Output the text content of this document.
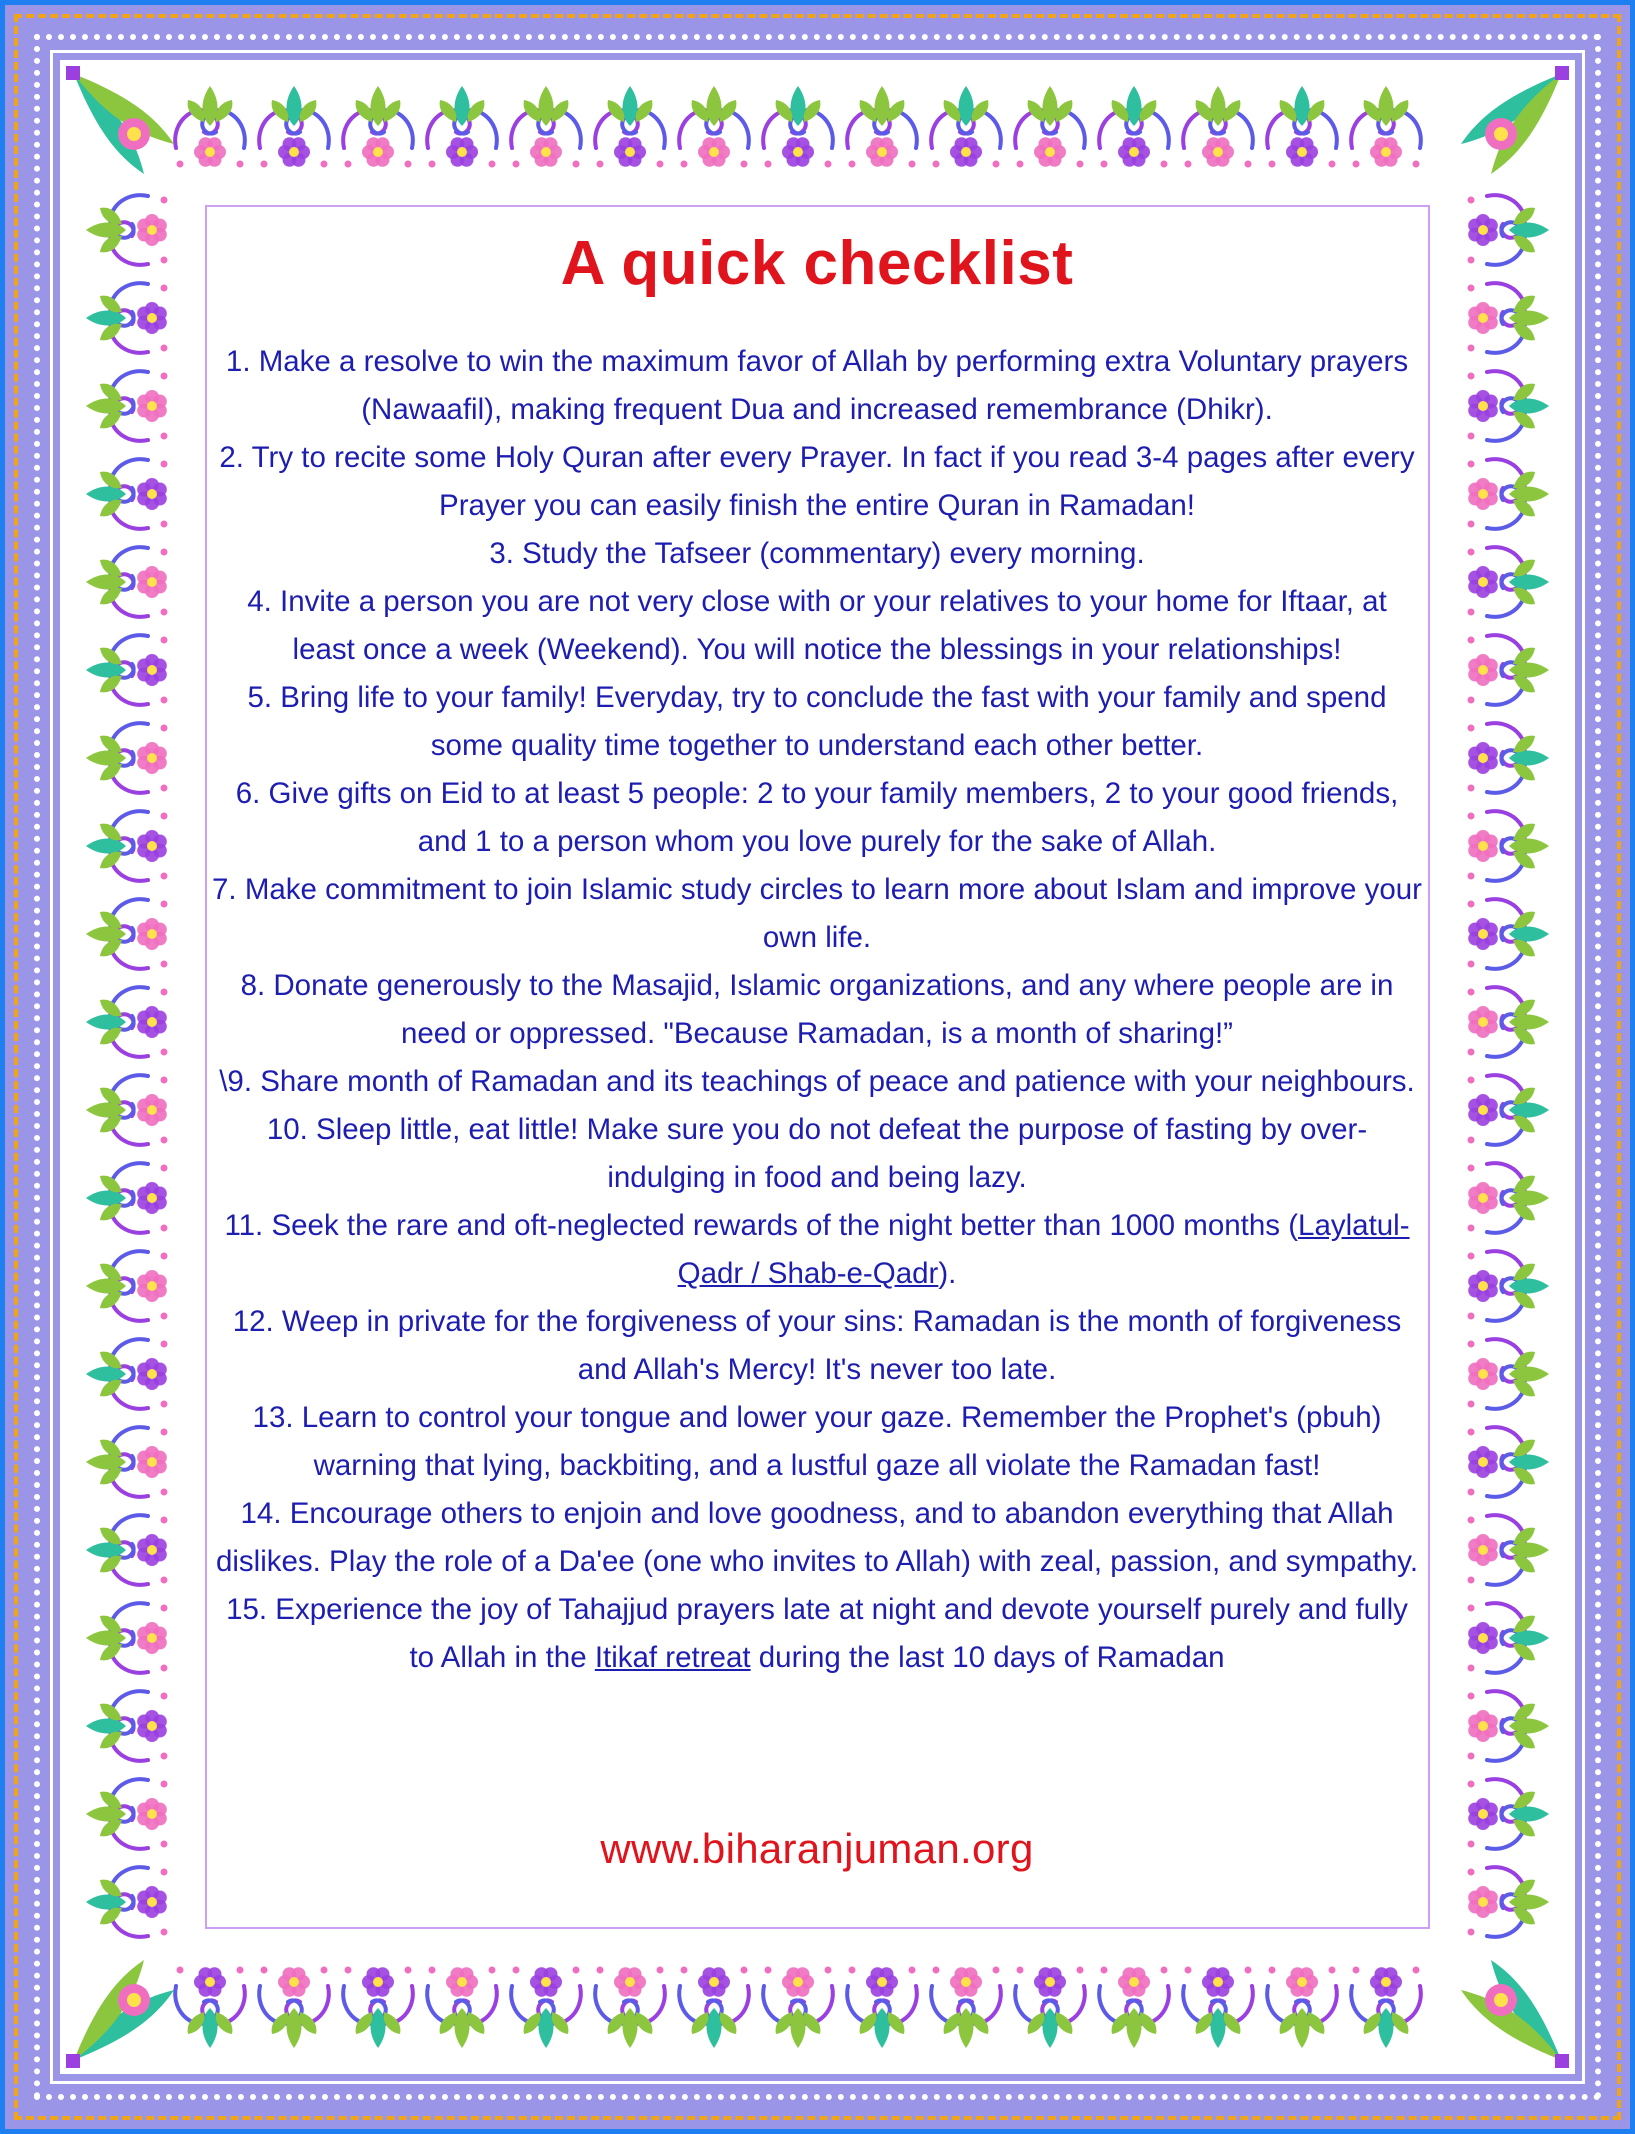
A quick checklist
1. Make a resolve to win the maximum favor of Allah by performing extra Voluntary prayers (Nawaafil), making frequent Dua and increased remembrance (Dhikr).
2. Try to recite some Holy Quran after every Prayer. In fact if you read 3-4 pages after every Prayer you can easily finish the entire Quran in Ramadan!
3. Study the Tafseer (commentary) every morning.
4. Invite a person you are not very close with or your relatives to your home for Iftaar, at least once a week (Weekend). You will notice the blessings in your relationships!
5. Bring life to your family! Everyday, try to conclude the fast with your family and spend some quality time together to understand each other better.
6. Give gifts on Eid to at least 5 people: 2 to your family members, 2 to your good friends, and 1 to a person whom you love purely for the sake of Allah.
7. Make commitment to join Islamic study circles to learn more about Islam and improve your own life.
8. Donate generously to the Masajid, Islamic organizations, and any where people are in need or oppressed. "Because Ramadan, is a month of sharing!”
\9. Share month of Ramadan and its teachings of peace and patience with your neighbours.
10. Sleep little, eat little! Make sure you do not defeat the purpose of fasting by over-indulging in food and being lazy.
11. Seek the rare and oft-neglected rewards of the night better than 1000 months (Laylatul-Qadr / Shab-e-Qadr).
12. Weep in private for the forgiveness of your sins: Ramadan is the month of forgiveness and Allah's Mercy! It's never too late.
13. Learn to control your tongue and lower your gaze. Remember the Prophet's (pbuh) warning that lying, backbiting, and a lustful gaze all violate the Ramadan fast!
14. Encourage others to enjoin and love goodness, and to abandon everything that Allah dislikes. Play the role of a Da'ee (one who invites to Allah) with zeal, passion, and sympathy.
15. Experience the joy of Tahajjud prayers late at night and devote yourself purely and fully to Allah in the Itikaf retreat during the last 10 days of Ramadan
www.biharanjuman.org
